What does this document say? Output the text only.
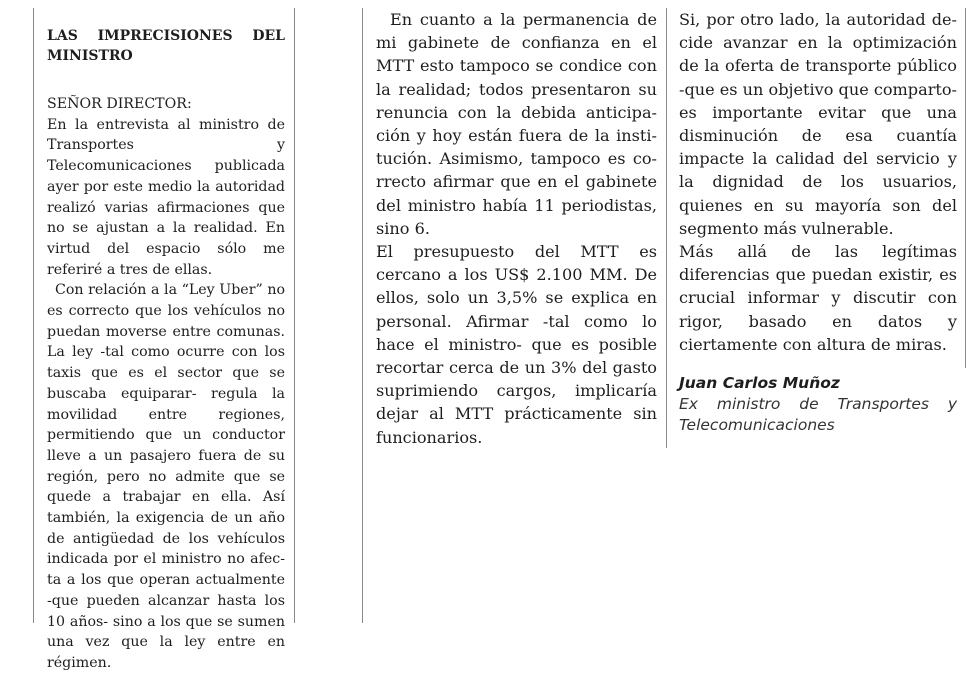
LAS IMPRECISIONES DEL MINISTRO

SEÑOR DIRECTOR:

En la entrevista al ministro de Transportes y Telecomunicaciones publicada ayer por este medio la autoridad realizó varias afirmaciones que no se ajustan a la realidad. En virtud del espacio sólo me referiré a tres de ellas.

Con relación a la “Ley Uber” no es correcto que los vehículos no puedan moverse entre comunas. La ley -tal como ocurre con los taxis que es el sector que se buscaba equiparar- regula la movilidad entre regiones, permitiendo que un conductor lleve a un pasajero fuera de su región, pero no admite que se quede a trabajar en ella. Así también, la exigencia de un año de antigüedad de los vehículos indicada por el ministro no afecta a los que operan actualmente -que pueden alcanzar hasta los 10 años- sino a los que se sumen una vez que la ley entre en régimen.

En cuanto a la permanencia de mi gabinete de confianza en el MTT esto tampoco se condice con la realidad; todos presentaron su renuncia con la debida anticipación y hoy están fuera de la institución. Asimismo, tampoco es correcto afirmar que en el gabinete del ministro había 11 periodistas, sino 6.

El presupuesto del MTT es cercano a los US$ 2.100 MM. De ellos, solo un 3,5% se explica en personal. Afirmar -tal como lo hace el ministro- que es posible recortar cerca de un 3% del gasto suprimiendo cargos, implicaría dejar al MTT prácticamente sin funcionarios.

Si, por otro lado, la autoridad decide avanzar en la optimización de la oferta de transporte público -que es un objetivo que comparto- es importante evitar que una disminución de esa cuantía impacte la calidad del servicio y la dignidad de los usuarios, quienes en su mayoría son del segmento más vulnerable.

Más allá de las legítimas diferencias que puedan existir, es crucial informar y discutir con rigor, basado en datos y ciertamente con altura de miras.

Juan Carlos Muñoz

Ex ministro de Transportes y Telecomunicaciones
